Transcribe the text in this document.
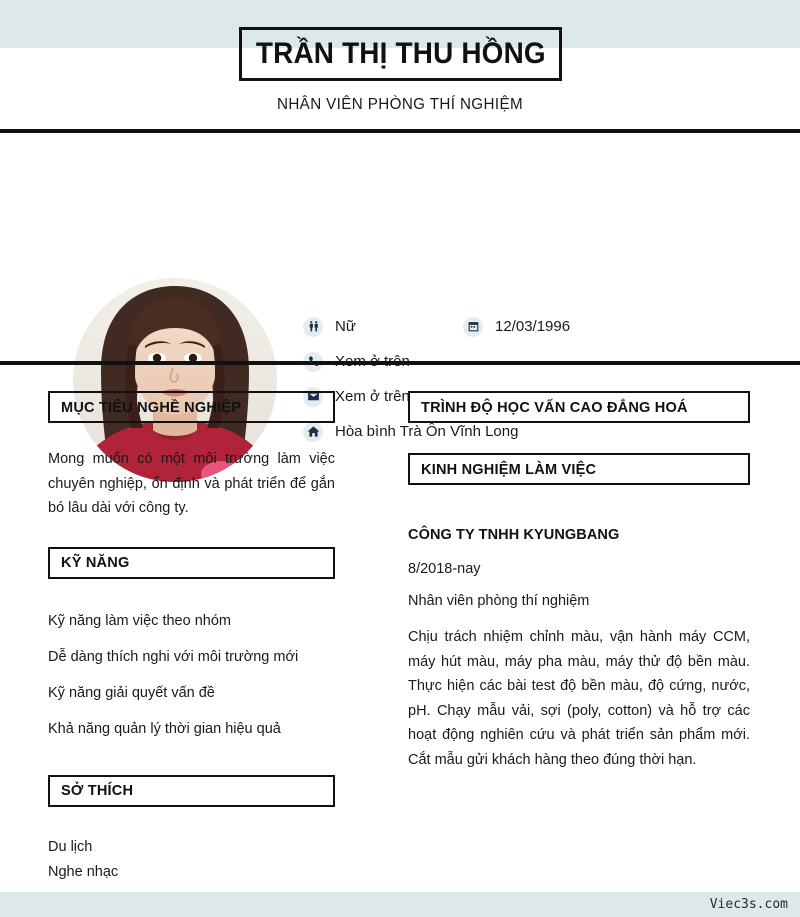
TRẦN THỊ THU HỒNG
NHÂN VIÊN PHÒNG THÍ NGHIỆM
Nữ	12/03/1996
Xem ở trên
Hòa bình Trà Ôn Vĩnh Long
MỤC TIÊU NGHỀ NGHIỆP
Mong muốn có một môi trường làm việc chuyên nghiệp, ổn định và phát triển để gắn bó lâu dài với công ty.
KỸ NĂNG
Kỹ năng làm việc theo nhóm
Dễ dàng thích nghi với môi trường mới
Kỹ năng giải quyết vấn đề
Khả năng quản lý thời gian hiệu quả
SỞ THÍCH
Du lịch
Nghe nhạc
TRÌNH ĐỘ HỌC VẤN CAO ĐẲNG HOÁ
KINH NGHIỆM LÀM VIỆC
CÔNG TY TNHH KYUNGBANG
8/2018-nay
Nhân viên phòng thí nghiệm
Chịu trách nhiệm chỉnh màu, vận hành máy CCM, máy hút màu, máy pha màu, máy thử độ bền màu. Thực hiện các bài test độ bền màu, độ cứng, nước, pH. Chạy mẫu vải, sợi (poly, cotton) và hỗ trợ các hoạt động nghiên cứu và phát triển sản phẩm mới. Cắt mẫu gửi khách hàng theo đúng thời hạn.
Viec3s.com
